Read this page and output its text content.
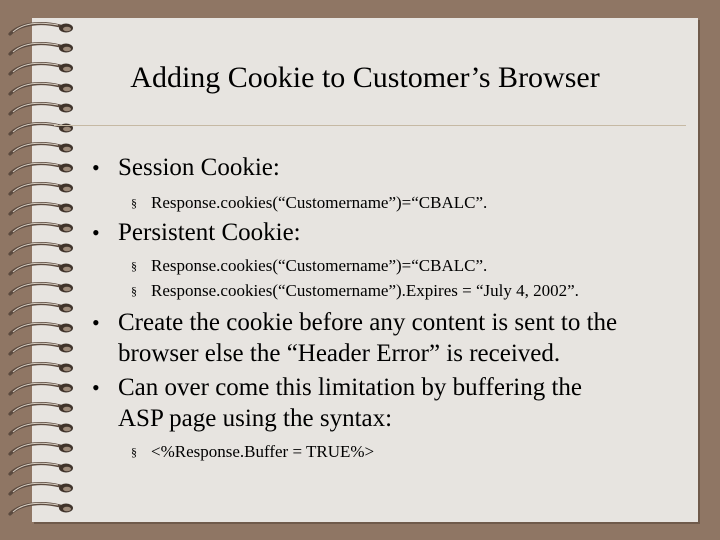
Adding Cookie to Customer’s Browser
• Session Cookie:
§ Response.cookies(“Customername”)=“CBALC”.
• Persistent Cookie:
§ Response.cookies(“Customername”)=“CBALC”.
§ Response.cookies(“Customername”).Expires = “July 4, 2002”.
• Create the cookie before any content is sent to the
browser else the “Header Error” is received.
• Can over come this limitation by buffering the
ASP page using the syntax:
§ <%Response.Buffer = TRUE%>
